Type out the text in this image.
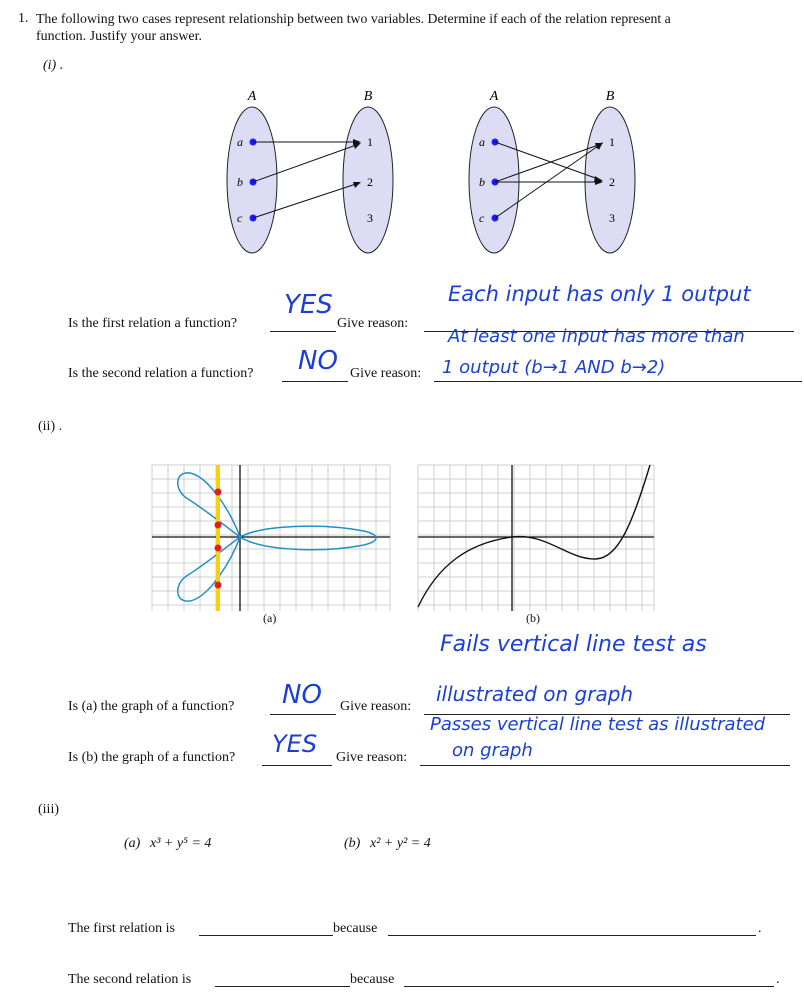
1. The following two cases represent relationship between two variables. Determine if each of the relation represent a
function. Justify your answer.
(i) .
A	B
a
b
c
1
2
3
A	B
a
b
c
1
2
3
Is the first relation a function?
YES
Give reason:
Each input has only 1 output
Is the second relation a function? NO Give reason:
At least one input has more than
1 output (b→1 AND b→2)
(ii) .
(a)	(b)
Fails vertical line test as
Is (a) the graph of a function? NO Give reason:
illustrated on graph
Is (b) the graph of a function? YES Give reason:
Passes vertical line test as illustrated
on graph
(iii)
(a) x³ + y⁵ = 4	(b) x² + y² = 4
The first relation is	because	.
The second relation is	because	.
